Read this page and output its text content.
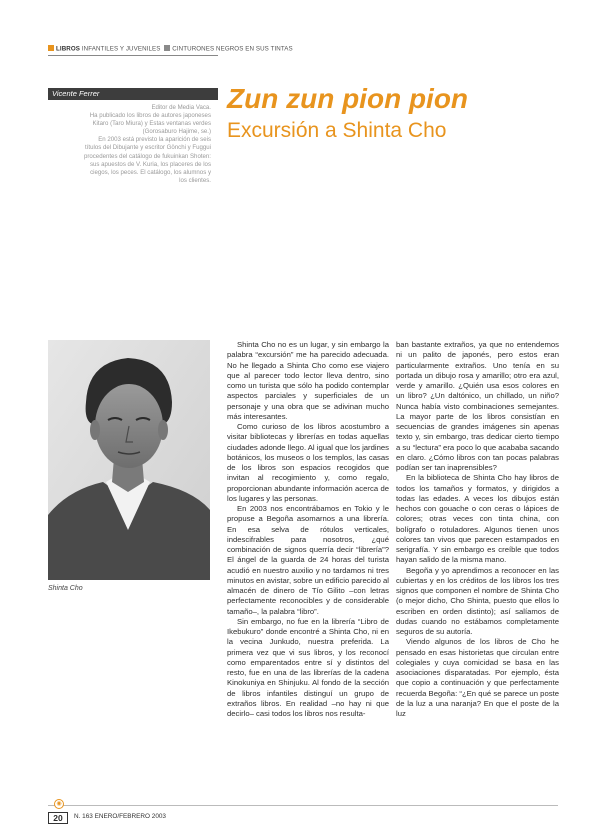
LIBROS INFANTILES Y JUVENILES CINTURONES NEGROS EN SUS TINTAS
Vicente Ferrer

Editor de Media Vaca.

Ha publicado los libros de autores japoneses

Kitaro (Taro Miura) y Estas ventanas verdes

(Gorosaburo Hajime, se.)

En 2003 está previsto la aparición de seis

títulos del Dibujante y escritor Gönchi y Fuggui

procedentes del catálogo de fukuinkan Shoten:

sus apuestos de V. Kuria, los placeres de los

ciegos, los peces. El catálogo, los alumnos y

los clientes.

Zun zun pion pion
Excursión a Shinta Cho
Shinta Cho

Shinta Cho no es un lugar, y sin embargo la palabra “excursión” me ha parecido adecuada. No he llegado a Shinta Cho como ese viajero que al parecer todo lector lleva dentro, sino como un turista que sólo ha podido contemplar aspectos parciales y superficiales de un personaje y una obra que se adivinan mucho más interesantes.

Como curioso de los libros acostumbro a visitar bibliotecas y librerías en todas aquellas ciudades adonde llego. Al igual que los jardines botánicos, los museos o los templos, las casas de los libros son espacios recogidos que invitan al recogimiento y, como regalo, proporcionan abundante información acerca de los lugares y las personas.

En 2003 nos encontrábamos en Tokio y le propuse a Begoña asomarnos a una librería. En esa selva de rótulos verticales, indescifrables para nosotros, ¿qué combinación de signos querría decir “librería”? El ángel de la guarda de 24 horas del turista acudió en nuestro auxilio y no tardamos ni tres minutos en avistar, sobre un edificio parecido al almacén de dinero de Tío Gilito –con letras perfectamente reconocibles y de considerable tamaño–, la palabra “libro”.

Sin embargo, no fue en la librería “Libro de Ikebukuro” donde encontré a Shinta Cho, ni en la vecina Junkudo, nuestra preferida. La primera vez que vi sus libros, y los reconocí como emparentados entre sí y distintos del resto, fue en una de las librerías de la cadena Kinokuniya en Shinjuku. Al fondo de la sección de libros infantiles distinguí un grupo de extraños libros. En realidad –no hay ni que decirlo– casi todos los libros nos resulta-

ban bastante extraños, ya que no entendemos ni un palito de japonés, pero estos eran particularmente extraños. Uno tenía en su portada un dibujo rosa y amarillo; otro era azul, verde y amarillo. ¿Quién usa esos colores en un libro? ¿Un daltónico, un chillado, un niño? Nunca había visto combinaciones semejantes. La mayor parte de los libros consistían en secuencias de grandes imágenes sin apenas texto y, sin embargo, tras dedicar cierto tiempo a su “lectura” era poco lo que acababa sacando en claro. ¿Cómo libros con tan pocas palabras podían ser tan inaprensibles?

En la biblioteca de Shinta Cho hay libros de todos los tamaños y formatos, y dirigidos a todas las edades. A veces los dibujos están hechos con gouache o con ceras o lápices de colores; otras veces con tinta china, con bolígrafo o rotuladores. Algunos tienen unos colores tan vivos que parecen estampados en serigrafía. Y sin embargo es creíble que todos hayan salido de la misma mano.

Begoña y yo aprendimos a reconocer en las cubiertas y en los créditos de los libros los tres signos que componen el nombre de Shinta Cho (o mejor dicho, Cho Shinta, puesto que ellos lo escriben en orden distinto); así salíamos de dudas cuando no estábamos completamente seguros de su autoría.

Viendo algunos de los libros de Cho he pensado en esas historietas que circulan entre colegiales y cuya comicidad se basa en las asociaciones disparatadas. Por ejemplo, ésta que copio a continuación y que perfectamente recuerda Begoña: “¿En qué se parece un poste de la luz a una naranja? En que el poste de la luz

◉
20	N. 163 ENERO/FEBRERO 2003
